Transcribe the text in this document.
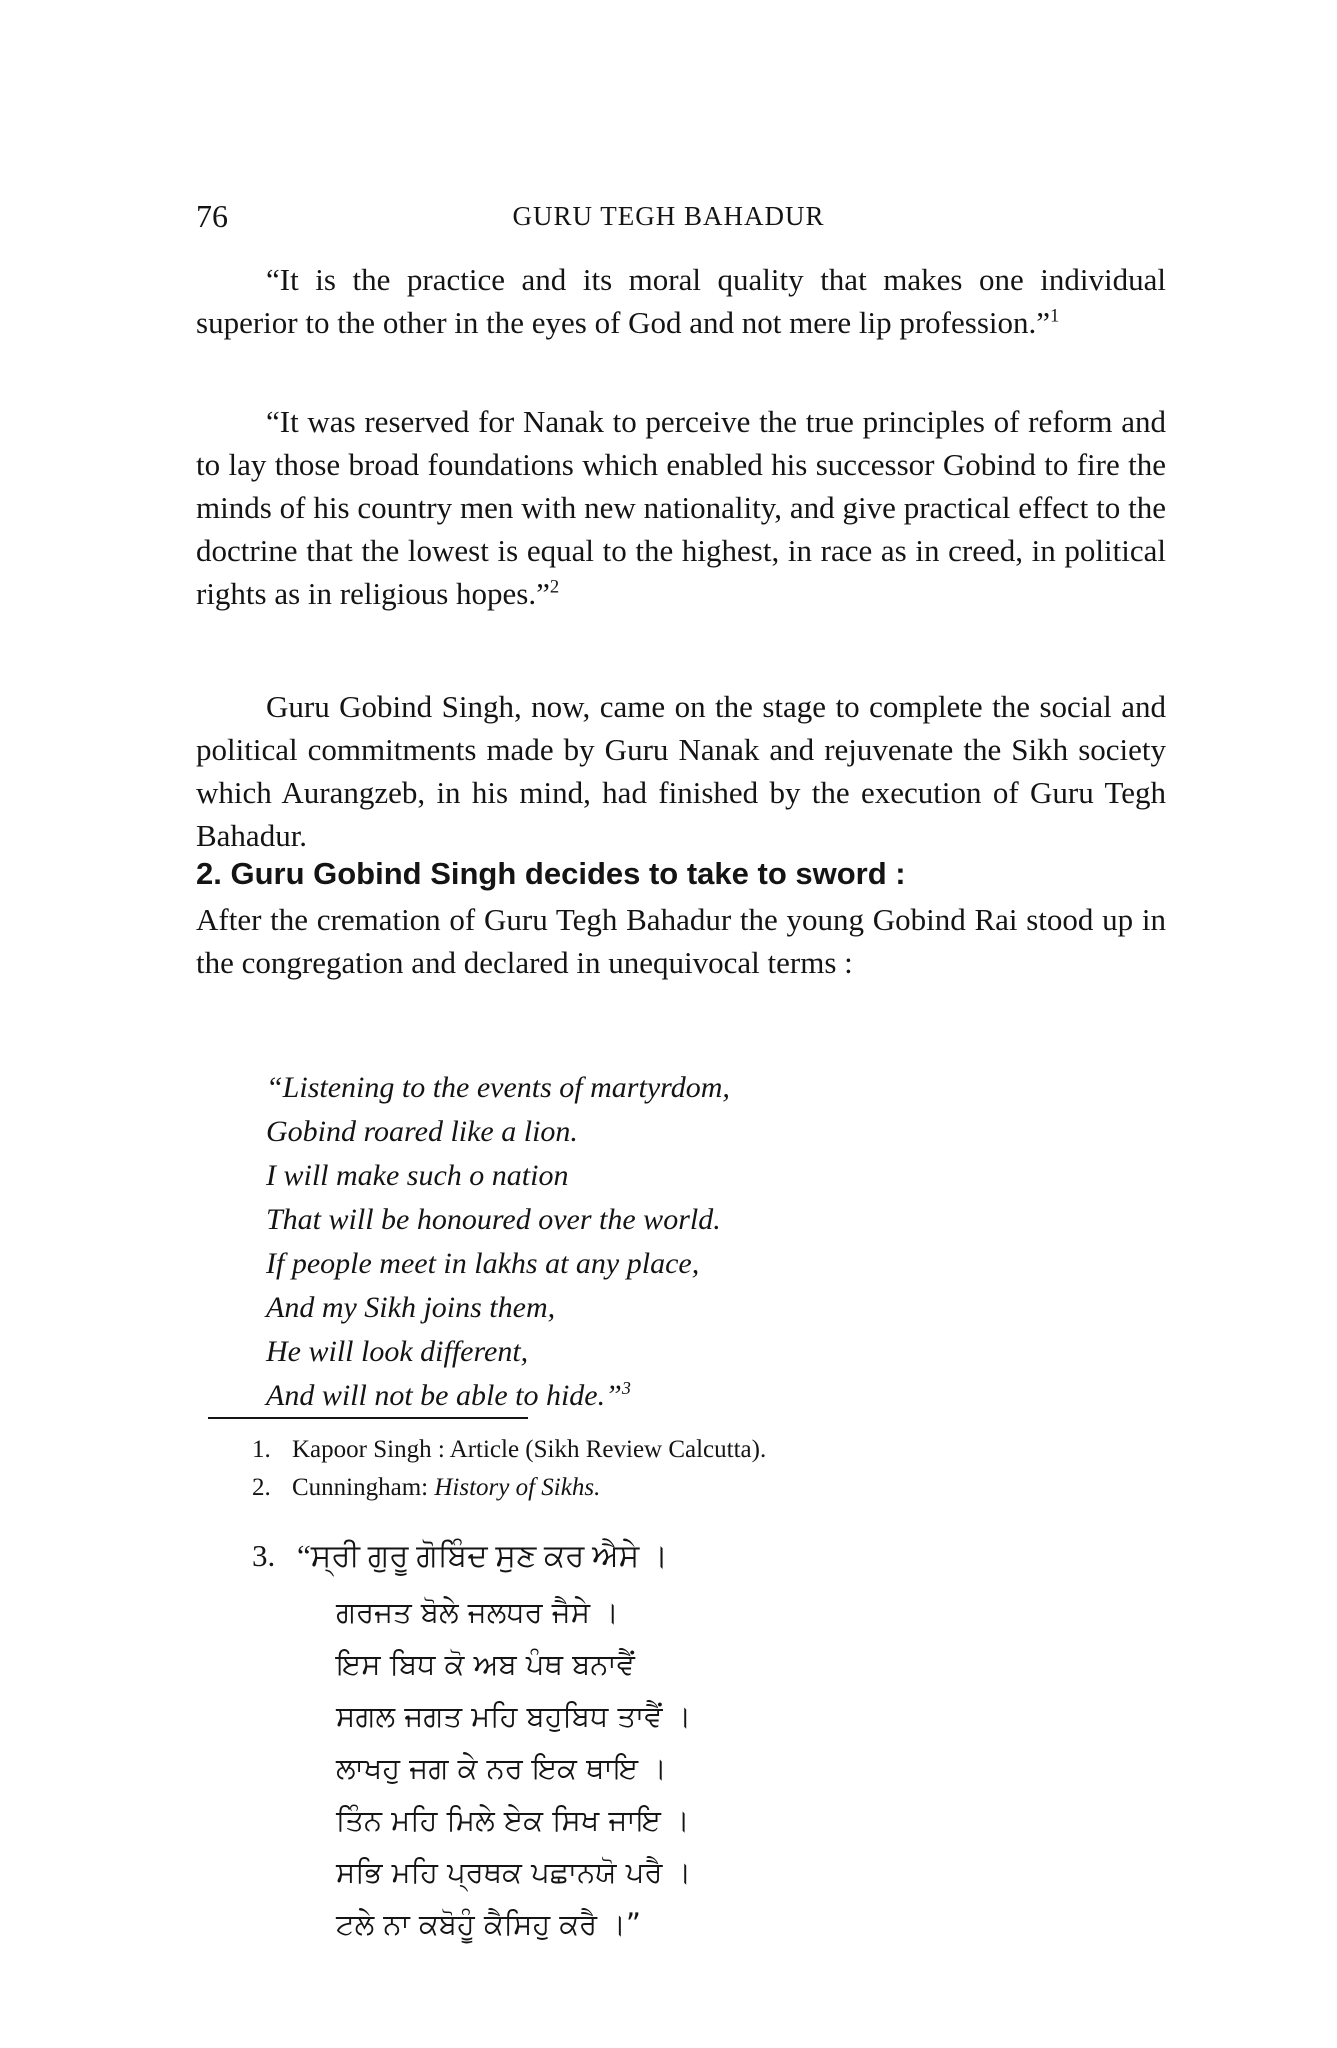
76	GURU TEGH BAHADUR

“It is the practice and its moral quality that makes one individual superior to the other in the eyes of God and not mere lip profession.”$^1$

“It was reserved for Nanak to perceive the true principles of reform and to lay those broad foundations which enabled his successor Gobind to fire the minds of his country men with new nationality, and give practical effect to the doctrine that the lowest is equal to the highest, in race as in creed, in political rights as in religious hopes.”$^2$

Guru Gobind Singh, now, came on the stage to complete the social and political commitments made by Guru Nanak and rejuvenate the Sikh society which Aurangzeb, in his mind, had finished by the execution of Guru Tegh Bahadur.

2. Guru Gobind Singh decides to take to sword :

After the cremation of Guru Tegh Bahadur the young Gobind Rai stood up in the congregation and declared in unequivocal terms :

“Listening to the events of martyrdom,
Gobind roared like a lion.
I will make such o nation
That will be honoured over the world.
If people meet in lakhs at any place,
And my Sikh joins them,
He will look different,
And will not be able to hide.”$^3$
1. Kapoor Singh : Article (Sikh Review Calcutta).
2. Cunningham: History of Sikhs.
3. “ਸ੍ਰੀ ਗੁਰੂ ਗੋਬਿੰਦ ਸੁਣ ਕਰ ਐਸੇ ।
ਗਰਜਤ ਬੋਲੇ ਜਲਧਰ ਜੈਸੇ ।
ਇਸ ਬਿਧ ਕੋ ਅਬ ਪੰਥ ਬਨਾਵੈਂ
ਸਗਲ ਜਗਤ ਮਹਿ ਬਹੁਬਿਧ ਤਾਵੈਂ ।
ਲਾਖਹੁ ਜਗ ਕੇ ਨਰ ਇਕ ਥਾਇ ।
ਤਿੰਨ ਮਹਿ ਮਿਲੇ ਏਕ ਸਿਖ ਜਾਇ ।
ਸਭਿ ਮਹਿ ਪ੍ਰਥਕ ਪਛਾਨਯੋ ਪਰੈ ।
ਟਲੇ ਨਾ ਕਬੋਹੂੰ ਕੈਸਿਹੁ ਕਰੈ ।”
